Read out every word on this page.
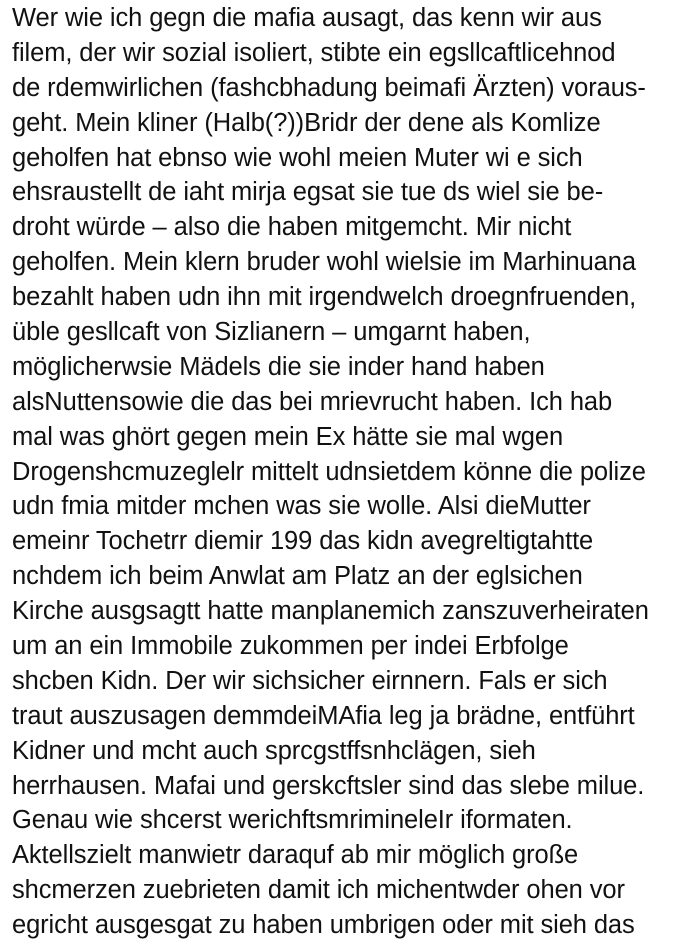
Wer wie ich gegn die mafia ausagt, das kenn wir aus
filem, der wir sozial isoliert, stibte ein egsllcaftlicehnod
de rdemwirlichen (fashcbhadung beimafi Ärzten) voraus-
geht. Mein kliner (Halb(?))Bridr der dene als Komlize
geholfen hat ebnso wie wohl meien Muter wi e sich
ehsraustellt de iaht mirja egsat sie tue ds wiel sie be-
droht würde – also die haben mitgemcht. Mir nicht
geholfen. Mein klern bruder wohl wielsie im Marhinuana
bezahlt haben udn ihn mit irgendwelch droegnfruenden,
üble gesllcaft von Sizlianern – umgarnt haben,
möglicherwsie Mädels die sie inder hand haben
alsNuttensowie die das bei mrievrucht haben. Ich hab
mal was ghört gegen mein Ex hätte sie mal wgen
Drogenshcmuzeglelr mittelt udnsietdem könne die polize
udn fmia mitder mchen was sie wolle. Alsi dieMutter
emeinr Tochetrr diemir 199 das kidn avegreltigtahtte
nchdem ich beim Anwlat am Platz an der eglsichen
Kirche ausgsagtt hatte manplanemich zanszuverheiraten
um an ein Immobile zukommen per indei Erbfolge
shcben Kidn. Der wir sichsicher eirnnern. Fals er sich
traut auszusagen demmdeiMAfia leg ja brädne, entführt
Kidner und mcht auch sprcgstffsnhclägen, sieh
herrhausen. Mafai und gerskcftsler sind das slebe milue.
Genau wie shcerst werichftsmrimineleIr iformaten.
Aktellszielt manwietr daraquf ab mir möglich große
shcmerzen zuebrieten damit ich michentwder ohen vor
egricht ausgesgat zu haben umbrigen oder mit sieh das
